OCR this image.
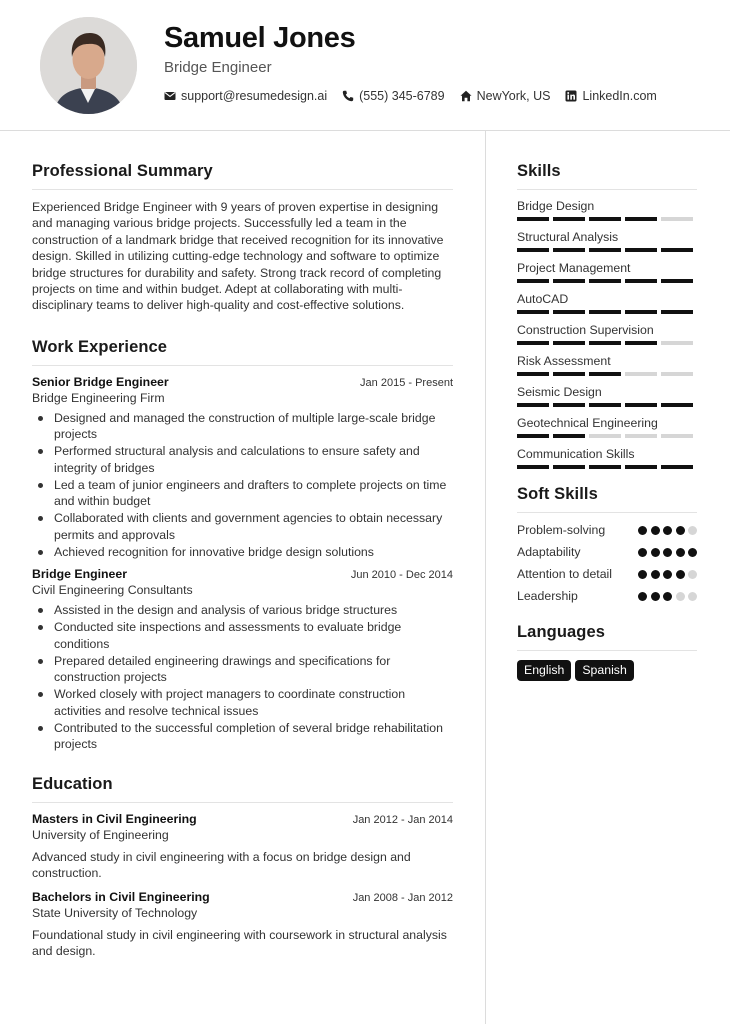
Samuel Jones
Bridge Engineer
support@resumedesign.ai	(555) 345-6789	NewYork, US	LinkedIn.com
Professional Summary
Experienced Bridge Engineer with 9 years of proven expertise in designing and managing various bridge projects. Successfully led a team in the construction of a landmark bridge that received recognition for its innovative design. Skilled in utilizing cutting-edge technology and software to optimize bridge structures for durability and safety. Strong track record of completing projects on time and within budget. Adept at collaborating with multi-disciplinary teams to deliver high-quality and cost-effective solutions.
Work Experience
Senior Bridge Engineer	Jan 2015 - Present
Bridge Engineering Firm
Designed and managed the construction of multiple large-scale bridge projects
Performed structural analysis and calculations to ensure safety and integrity of bridges
Led a team of junior engineers and drafters to complete projects on time and within budget
Collaborated with clients and government agencies to obtain necessary permits and approvals
Achieved recognition for innovative bridge design solutions
Bridge Engineer	Jun 2010 - Dec 2014
Civil Engineering Consultants
Assisted in the design and analysis of various bridge structures
Conducted site inspections and assessments to evaluate bridge conditions
Prepared detailed engineering drawings and specifications for construction projects
Worked closely with project managers to coordinate construction activities and resolve technical issues
Contributed to the successful completion of several bridge rehabilitation projects
Education
Masters in Civil Engineering	Jan 2012 - Jan 2014
University of Engineering
Advanced study in civil engineering with a focus on bridge design and construction.
Bachelors in Civil Engineering	Jan 2008 - Jan 2012
State University of Technology
Foundational study in civil engineering with coursework in structural analysis and design.
Skills
Bridge Design
Structural Analysis
Project Management
AutoCAD
Construction Supervision
Risk Assessment
Seismic Design
Geotechnical Engineering
Communication Skills
Soft Skills
Problem-solving
Adaptability
Attention to detail
Leadership
Languages
English	Spanish
